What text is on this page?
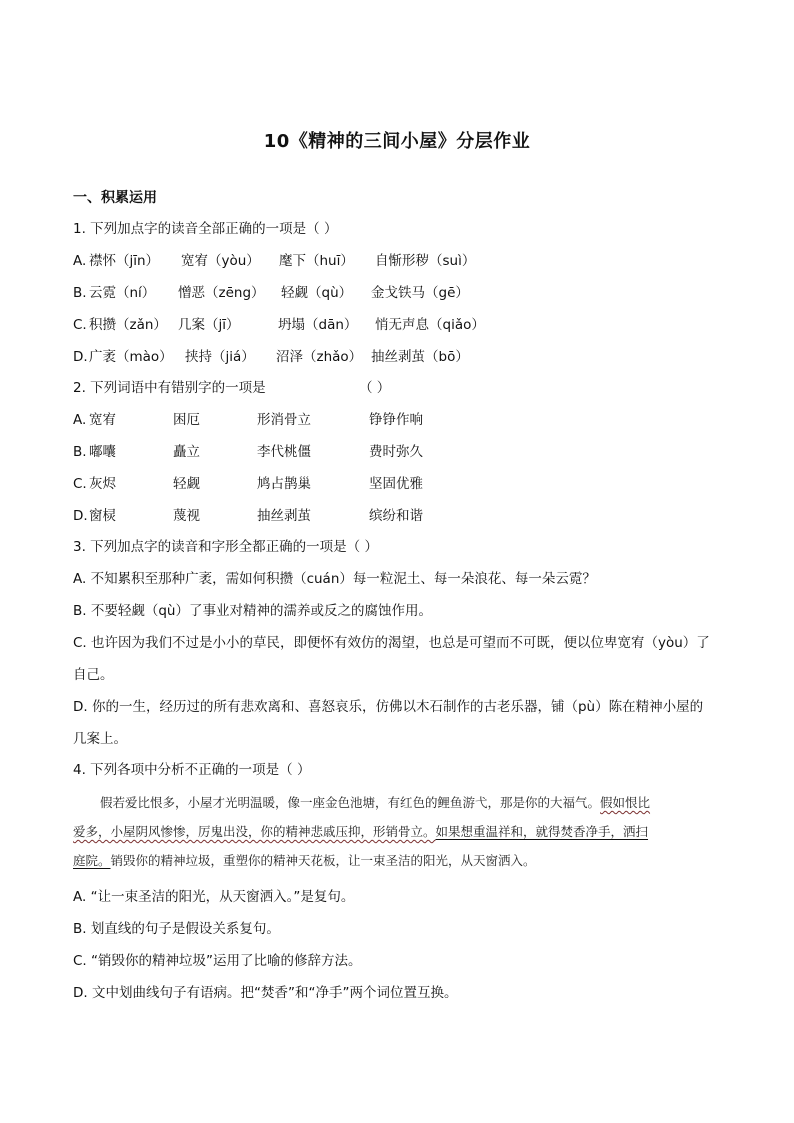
10《精神的三间小屋》分层作业
一、积累运用
1. 下列加点字的读音全部正确的一项是（ ）
A. 襟怀（jīn） 宽宥（yòu） 麾下（huī） 自惭形秽（suì）
B. 云霓（ní） 憎恶（zēng） 轻觑（qù） 金戈铁马（gē）
C. 积攒（zǎn） 几案（jī）	坍塌（dān） 悄无声息（qiǎo）
D. 广袤（mào） 挟持（jiá） 沼泽（zhǎo） 抽丝剥茧（bō）
2. 下列词语中有错别字的一项是	（ ）
A. 宽宥	困厄	形消骨立	铮铮作响
B. 嘟囔	矗立	李代桃僵	费时弥久
C. 灰烬	轻觑	鸠占鹊巢	坚固优雅
D. 窗棂	蔑视	抽丝剥茧	缤纷和谐
3. 下列加点字的读音和字形全都正确的一项是（ ）
A. 不知累积至那种广袤，需如何积攒（cuán）每一粒泥土、每一朵浪花、每一朵云霓？
B. 不要轻觑（qù）了事业对精神的濡养或反之的腐蚀作用。
C. 也许因为我们不过是小小的草民，即便怀有效仿的渴望，也总是可望而不可既，便以位卑宽宥（yòu）了
自己。
D. 你的一生，经历过的所有悲欢离和、喜怒哀乐，仿佛以木石制作的古老乐器，铺（pù）陈在精神小屋的
几案上。
4. 下列各项中分析不正确的一项是（ ）

假若爱比恨多，小屋才光明温暖，像一座金色池塘，有红色的鲤鱼游弋，那是你的大福气。假如恨比

爱多，小屋阴风惨惨，厉鬼出没，你的精神悲戚压抑，形销骨立。如果想重温祥和，就得焚香净手，洒扫

庭院。销毁你的精神垃圾，重塑你的精神天花板，让一束圣洁的阳光，从天窗洒入。

A. “让一束圣洁的阳光，从天窗洒入。”是复句。
B. 划直线的句子是假设关系复句。
C. “销毁你的精神垃圾”运用了比喻的修辞方法。
D. 文中划曲线句子有语病。把“焚香”和“净手”两个词位置互换。
